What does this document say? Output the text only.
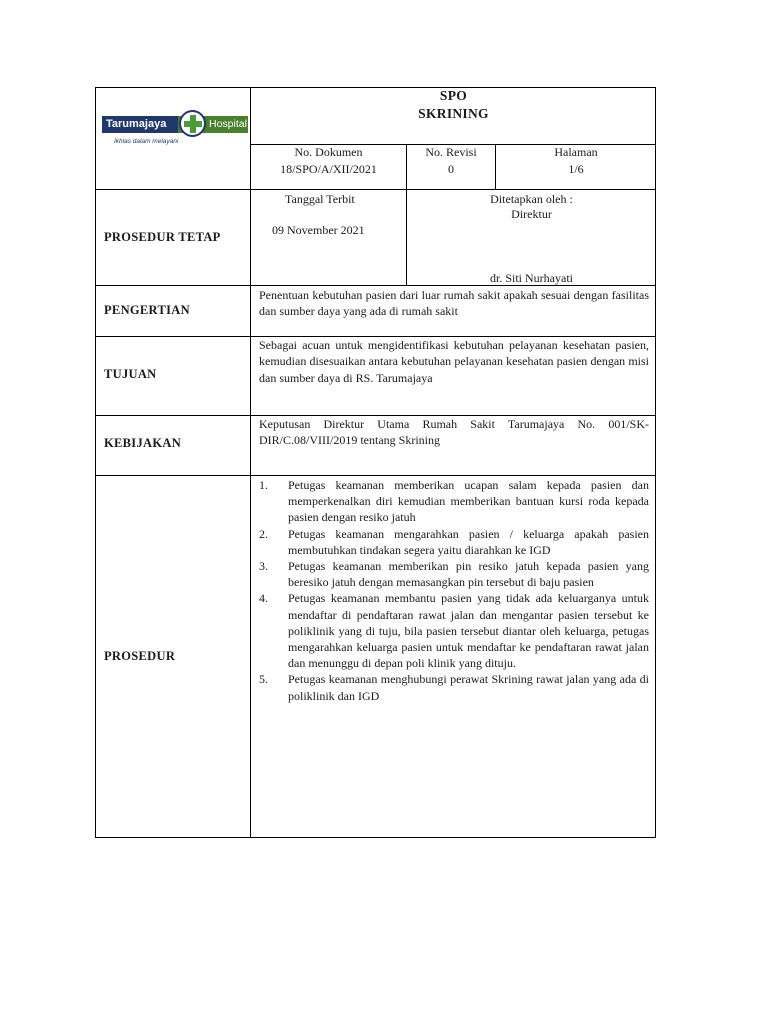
Tarumajaya	Hospital
Ikhlas dalam melayani
SPO
SKRINING
No. Dokumen
18/SPO/A/XII/2021
No. Revisi
0
Halaman
1/6
PROSEDUR TETAP
Tanggal Terbit
09 November 2021
Ditetapkan oleh :
Direktur
dr. Siti Nurhayati
PENGERTIAN
Penentuan kebutuhan pasien dari luar rumah sakit apakah sesuai dengan fasilitas dan sumber daya yang ada di rumah sakit
TUJUAN
Sebagai acuan untuk mengidentifikasi kebutuhan pelayanan kesehatan pasien, kemudian disesuaikan antara kebutuhan pelayanan kesehatan pasien dengan misi dan sumber daya di RS. Tarumajaya
KEBIJAKAN
Keputusan Direktur Utama Rumah Sakit Tarumajaya No. 001/SK-DIR/C.08/VIII/2019 tentang Skrining
PROSEDUR
1. Petugas keamanan memberikan ucapan salam kepada pasien dan memperkenalkan diri kemudian memberikan bantuan kursi roda kepada pasien dengan resiko jatuh
2. Petugas keamanan mengarahkan pasien / keluarga apakah pasien membutuhkan tindakan segera yaitu diarahkan ke IGD
3. Petugas keamanan memberikan pin resiko jatuh kepada pasien yang beresiko jatuh dengan memasangkan pin tersebut di baju pasien
4. Petugas keamanan membantu pasien yang tidak ada keluarganya untuk mendaftar di pendaftaran rawat jalan dan mengantar pasien tersebut ke poliklinik yang di tuju, bila pasien tersebut diantar oleh keluarga, petugas mengarahkan keluarga pasien untuk mendaftar ke pendaftaran rawat jalan dan menunggu di depan poli klinik yang dituju.
5. Petugas keamanan menghubungi perawat Skrining rawat jalan yang ada di poliklinik dan IGD
